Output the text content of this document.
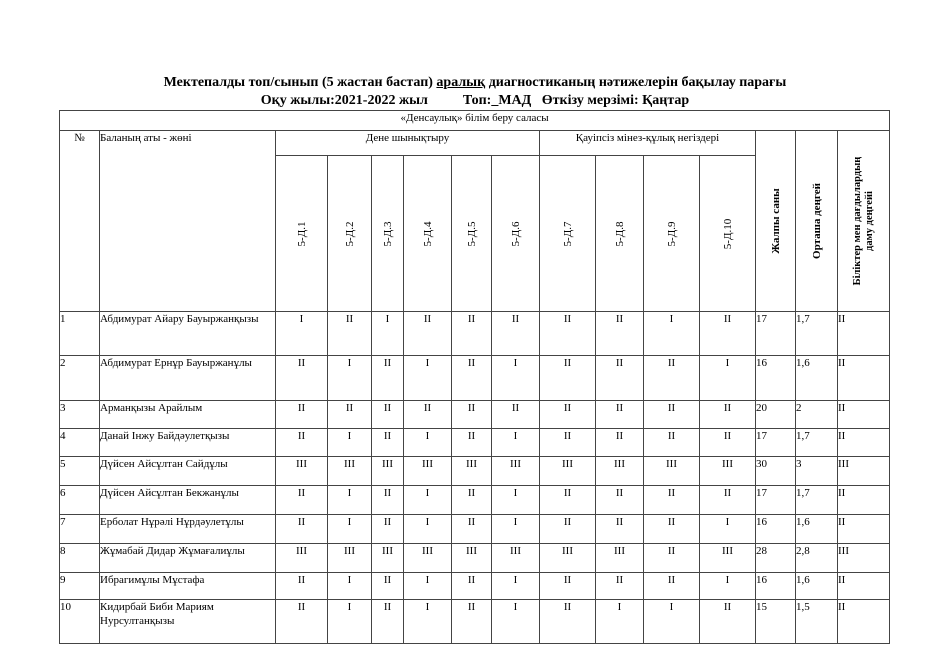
Мектепалды топ/сынып (5 жастан бастап) аралық диагностиканың нәтижелерін бақылау парағы
Оқу жылы:2021-2022 жыл          Топ:_МАД   Өткізу мерзімі: Қаңтар
«Денсаулық» білім беру саласы														
№	Баланың аты - жөні	Дене шынықтыру						Қауіпсіз мінез-құлық негіздері				Жалпы саны	Орташа деңгей	Біліктер мен дағдылардың
даму деңгейі

		5-Д.1	5-Д.2	5-Д.3	5-Д.4	5-Д.5	5-Д.6	5-Д.7	5-Д.8	5-Д.9	5-Д.10			

1	Абдимурат Айару Бауыржанқызы	I	II	I	II	II	II	II	II	I	II	17	1,7	II
2	Абдимурат Ернұр Бауыржанұлы	II	I	II	I	II	I	II	II	II	I	16	1,6	II
3	Арманқызы Арайлым	II	II	II	II	II	II	II	II	II	II	20	2	II
4	Данай Інжу Байдәулетқызы	II	I	II	I	II	I	II	II	II	II	17	1,7	II
5	Дүйсен Айсұлтан Сайдұлы	III	III	III	III	III	III	III	III	III	III	30	3	III
6	Дүйсен Айсұлтан Бекжанұлы	II	I	II	I	II	I	II	II	II	II	17	1,7	II
7	Ерболат Нұрәлі Нұрдәулетұлы	II	I	II	I	II	I	II	II	II	I	16	1,6	II
8	Жұмабай Дидар Жұмағалиұлы	III	III	III	III	III	III	III	III	II	III	28	2,8	III
9	Ибрагимұлы Мұстафа	II	I	II	I	II	I	II	II	II	I	16	1,6	II
10	Кидирбай Биби Мариям Нурсултанқызы	II	I	II	I	II	I	II	I	I	II	15	1,5	II
